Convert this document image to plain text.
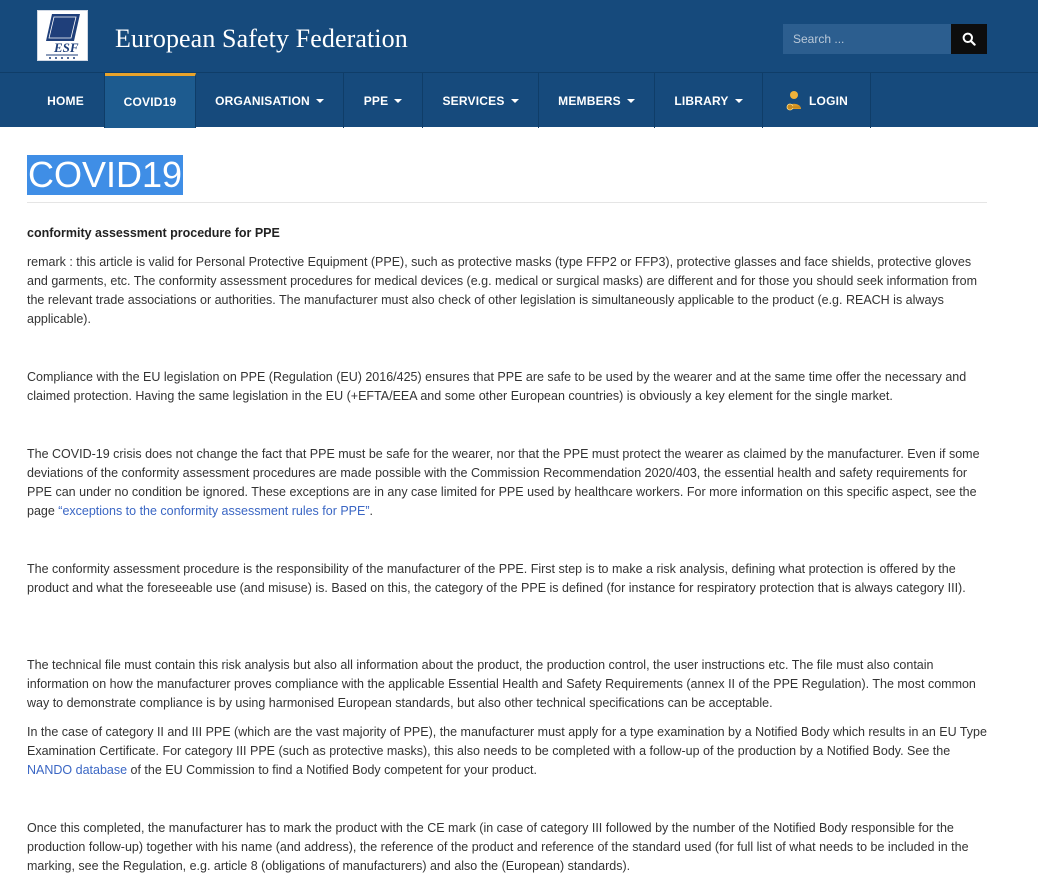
ESF European Safety Federation
Search ...
HOME	COVID19	ORGANISATION	PPE	SERVICES	MEMBERS	LIBRARY	LOGIN
COVID19
conformity assessment procedure for PPE

remark : this article is valid for Personal Protective Equipment (PPE), such as protective masks (type FFP2 or FFP3), protective glasses and face shields, protective gloves and garments, etc. The conformity assessment procedures for medical devices (e.g. medical or surgical masks) are different and for those you should seek information from the relevant trade associations or authorities. The manufacturer must also check of other legislation is simultaneously applicable to the product (e.g. REACH is always applicable).

Compliance with the EU legislation on PPE (Regulation (EU) 2016/425) ensures that PPE are safe to be used by the wearer and at the same time offer the necessary and claimed protection. Having the same legislation in the EU (+EFTA/EEA and some other European countries) is obviously a key element for the single market.

The COVID-19 crisis does not change the fact that PPE must be safe for the wearer, nor that the PPE must protect the wearer as claimed by the manufacturer. Even if some deviations of the conformity assessment procedures are made possible with the Commission Recommendation 2020/403, the essential health and safety requirements for PPE can under no condition be ignored. These exceptions are in any case limited for PPE used by healthcare workers. For more information on this specific aspect, see the page “exceptions to the conformity assessment rules for PPE”.

The conformity assessment procedure is the responsibility of the manufacturer of the PPE. First step is to make a risk analysis, defining what protection is offered by the product and what the foreseeable use (and misuse) is. Based on this, the category of the PPE is defined (for instance for respiratory protection that is always category III).

The technical file must contain this risk analysis but also all information about the product, the production control, the user instructions etc. The file must also contain information on how the manufacturer proves compliance with the applicable Essential Health and Safety Requirements (annex II of the PPE Regulation). The most common way to demonstrate compliance is by using harmonised European standards, but also other technical specifications can be acceptable.

In the case of category II and III PPE (which are the vast majority of PPE), the manufacturer must apply for a type examination by a Notified Body which results in an EU Type Examination Certificate. For category III PPE (such as protective masks), this also needs to be completed with a follow-up of the production by a Notified Body. See the NANDO database of the EU Commission to find a Notified Body competent for your product.

Once this completed, the manufacturer has to mark the product with the CE mark (in case of category III followed by the number of the Notified Body responsible for the production follow-up) together with his name (and address), the reference of the product and reference of the standard used (for full list of what needs to be included in the marking, see the Regulation, e.g. article 8 (obligations of manufacturers) and also the (European) standards).
